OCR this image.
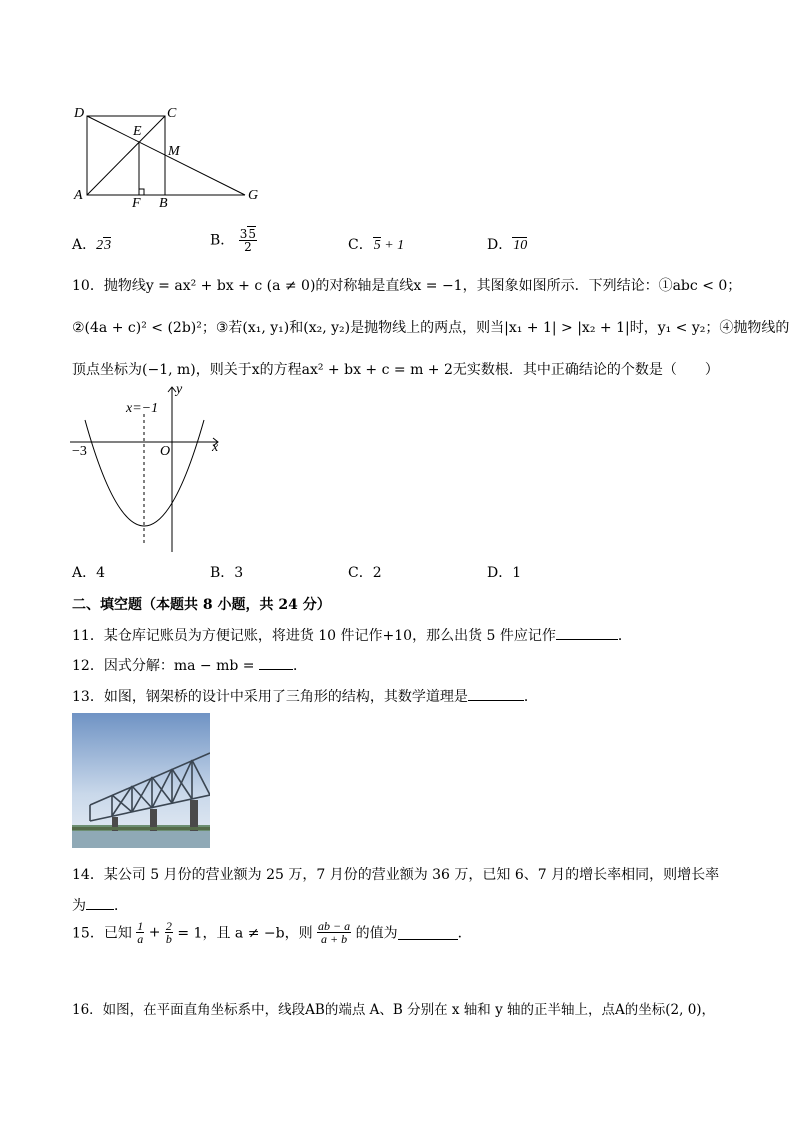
D	C
E
M
A
F B
G
A．23	B． $\frac{35}{2}$	C．5 + 1	D．10
10．抛物线y = ax² + bx + c (a ≠ 0)的对称轴是直线x = −1，其图象如图所示．下列结论：①abc < 0；
②(4a + c)² < (2b)²；③若(x₁, y₁)和(x₂, y₂)是抛物线上的两点，则当|x₁ + 1| > |x₂ + 1|时，y₁ < y₂；④抛物线的
顶点坐标为(−1, m)，则关于x的方程ax² + bx + c = m + 2无实数根．其中正确结论的个数是（　　）
y
x
O
−3
x=−1
A．4	B．3	C．2	D．1
二、填空题（本题共 8 小题，共 24 分）
11．某仓库记账员为方便记账，将进货 10 件记作+10，那么出货 5 件应记作	．
12．因式分解：ma − mb =	．
13．如图，钢架桥的设计中采用了三角形的结构，其数学道理是	．
14．某公司 5 月份的营业额为 25 万，7 月份的营业额为 36 万，已知 6、7 月的增长率相同，则增长率
为 ．
15．已知 $\frac{1}{a} + \frac{2}{b} = 1$，且 a ≠ −b，则 $\frac{ab - a}{a + b}$ 的值为	．
16．如图，在平面直角坐标系中，线段AB的端点 A、B 分别在 x 轴和 y 轴的正半轴上，点A的坐标(2, 0)，
